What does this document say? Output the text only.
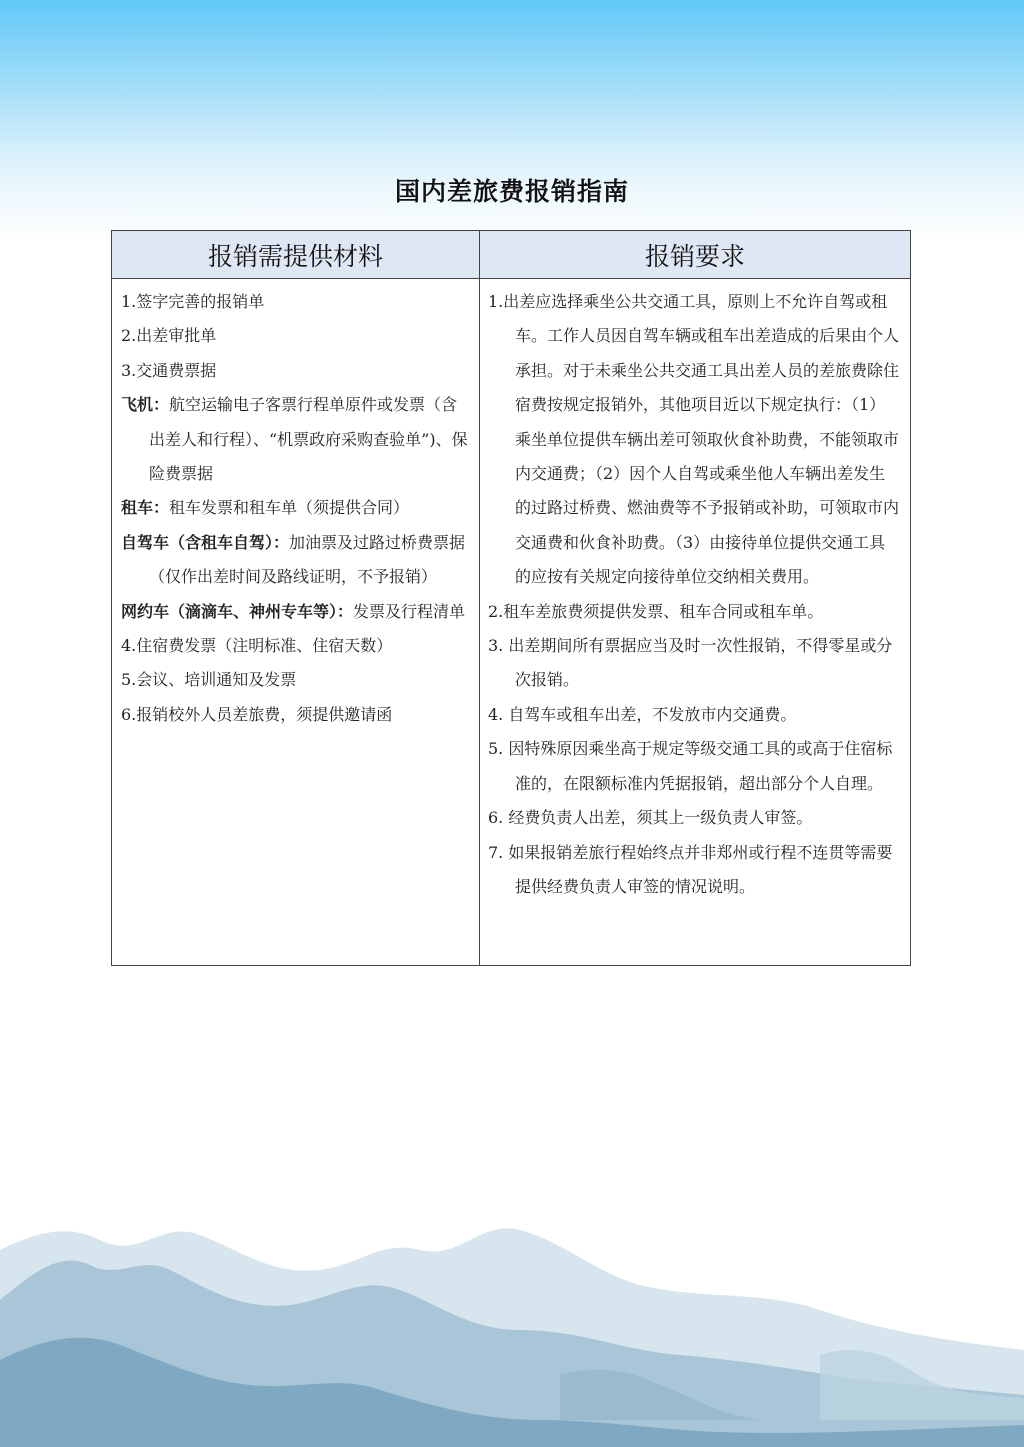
国内差旅费报销指南
报销需提供材料
1.签字完善的报销单
2.出差审批单
3.交通费票据
飞机：航空运输电子客票行程单原件或发票（含出差人和行程）、“机票政府采购查验单”)、保险费票据
租车：租车发票和租车单（须提供合同）
自驾车（含租车自驾）：加油票及过路过桥费票据（仅作出差时间及路线证明，不予报销）
网约车（滴滴车、神州专车等）：发票及行程清单
4.住宿费发票（注明标准、住宿天数）
5.会议、培训通知及发票
6.报销校外人员差旅费，须提供邀请函
报销要求
1.出差应选择乘坐公共交通工具，原则上不允许自驾或租车。工作人员因自驾车辆或租车出差造成的后果由个人承担。对于未乘坐公共交通工具出差人员的差旅费除住宿费按规定报销外，其他项目近以下规定执行：（1）乘坐单位提供车辆出差可领取伙食补助费，不能领取市内交通费；（2）因个人自驾或乘坐他人车辆出差发生的过路过桥费、燃油费等不予报销或补助，可领取市内交通费和伙食补助费。（3）由接待单位提供交通工具的应按有关规定向接待单位交纳相关费用。
2.租车差旅费须提供发票、租车合同或租车单。
3. 出差期间所有票据应当及时一次性报销，不得零星或分次报销。
4. 自驾车或租车出差，不发放市内交通费。
5. 因特殊原因乘坐高于规定等级交通工具的或高于住宿标准的，在限额标准内凭据报销，超出部分个人自理。
6. 经费负责人出差，须其上一级负责人审签。
7. 如果报销差旅行程始终点并非郑州或行程不连贯等需要提供经费负责人审签的情况说明。
